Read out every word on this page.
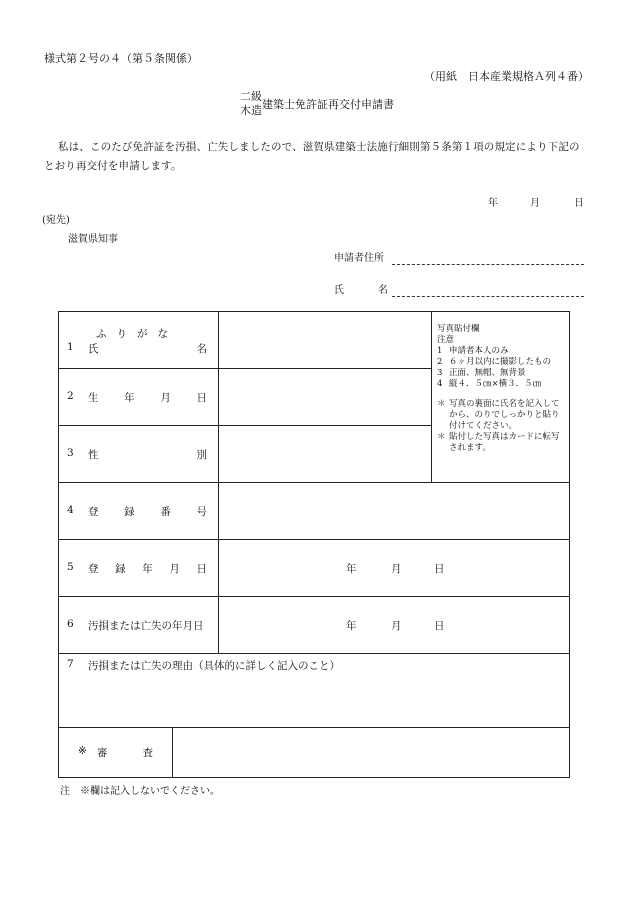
様式第２号の４（第５条関係）
（用紙　日本産業規格Ａ列４番）
二級
木造 建築士免許証再交付申請書
私は、このたび免許証を汚損、亡失しましたので、滋賀県建築士法施行細則第５条第１項の規定により下記のとおり再交付を申請します。
年	月	日
(宛先)
滋賀県知事
申請者住所
氏	名
ふ り が な
1 氏	名
2 生 年 月 日
3 性	別
写真貼付欄
注意
1 申請者本人のみ
2 ６ヶ月以内に撮影したもの
3 正面、無帽、無背景
4 縦４．５㎝×横３．５㎝
＊ 写真の裏面に氏名を記入してから、のりでしっかりと貼り付けてください。
＊ 貼付した写真はカードに転写されます。
4 登 録 番 号
5 登 録 年 月 日	年	月	日
6 汚損または亡失の年月日	年	月	日
7 汚損または亡失の理由（具体的に詳しく記入のこと）
※ 審	査
注　※欄は記入しないでください。
